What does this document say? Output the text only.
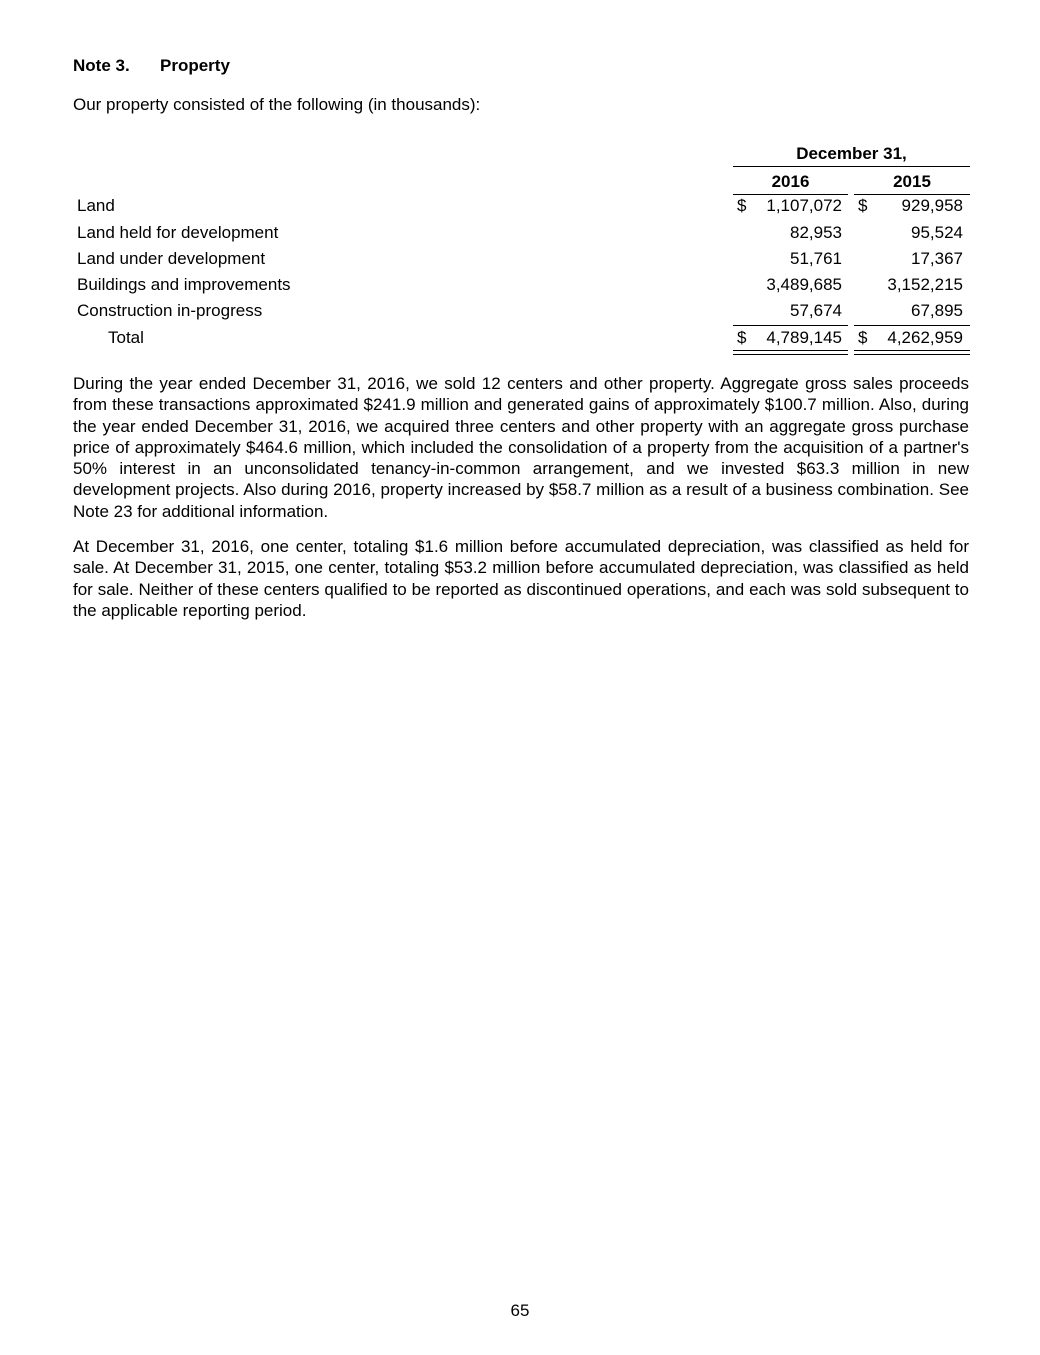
Note 3. Property
Our property consisted of the following (in thousands):
December 31,
2016	2015
Land	$	1,107,072 $	929,958
Land held for development	82,953	95,524
Land under development	51,761	17,367
Buildings and improvements	3,489,685	3,152,215
Construction in-progress	57,674	67,895
Total	$	4,789,145 $	4,262,959
During the year ended December 31, 2016, we sold 12 centers and other property. Aggregate gross sales proceeds from these transactions approximated $241.9 million and generated gains of approximately $100.7 million. Also, during the year ended December 31, 2016, we acquired three centers and other property with an aggregate gross purchase price of approximately $464.6 million, which included the consolidation of a property from the acquisition of a partner's 50% interest in an unconsolidated tenancy-in-common arrangement, and we invested $63.3 million in new development projects. Also during 2016, property increased by $58.7 million as a result of a business combination. See Note 23 for additional information.
At December 31, 2016, one center, totaling $1.6 million before accumulated depreciation, was classified as held for sale. At December 31, 2015, one center, totaling $53.2 million before accumulated depreciation, was classified as held for sale. Neither of these centers qualified to be reported as discontinued operations, and each was sold subsequent to the applicable reporting period.
65
